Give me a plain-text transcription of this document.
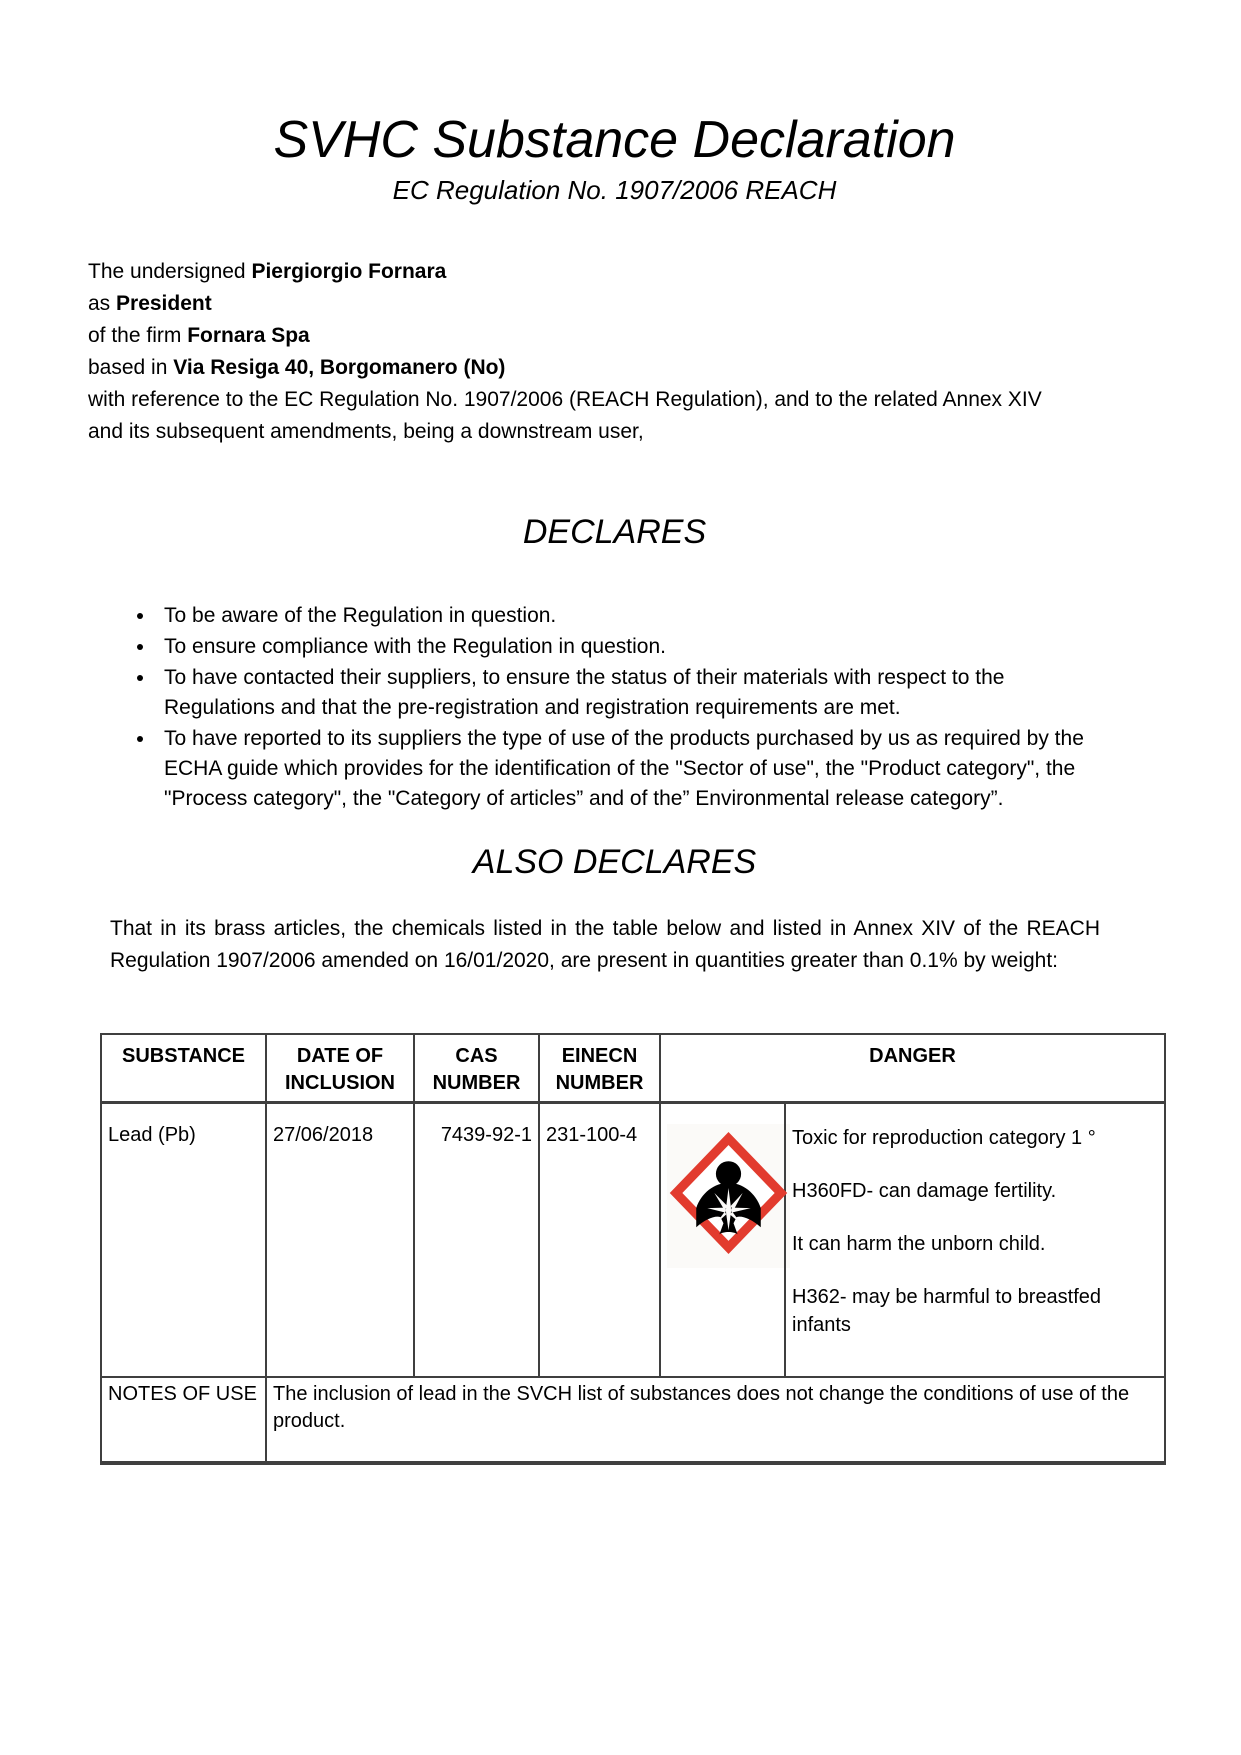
SVHC Substance Declaration
EC Regulation No. 1907/2006 REACH
The undersigned Piergiorgio Fornara
as President
of the firm Fornara Spa
based in Via Resiga 40, Borgomanero (No)
with reference to the EC Regulation No. 1907/2006 (REACH Regulation), and to the related Annex XIV and its subsequent amendments, being a downstream user,
DECLARES
• To be aware of the Regulation in question.
• To ensure compliance with the Regulation in question.
• To have contacted their suppliers, to ensure the status of their materials with respect to the Regulations and that the pre-registration and registration requirements are met.
• To have reported to its suppliers the type of use of the products purchased by us as required by the ECHA guide which provides for the identification of the "Sector of use", the "Product category", the "Process category", the "Category of articles” and of the” Environmental release category”.
ALSO DECLARES

That in its brass articles, the chemicals listed in the table below and listed in Annex XIV of the REACH Regulation 1907/2006 amended on 16/01/2020, are present in quantities greater than 0.1% by weight:

SUBSTANCE	DATE OF INCLUSION	CAS NUMBER	EINECN NUMBER	DANGER	
Lead (Pb)	27/06/2018	7439-92-1	231-100-4		Toxic for reproduction category 1 °

H360FD- can damage fertility.

It can harm the unborn child.

H362- may be harmful to breastfed infants

NOTES OF USE	The inclusion of lead in the SVCH list of substances does not change the conditions of use of the product.				
